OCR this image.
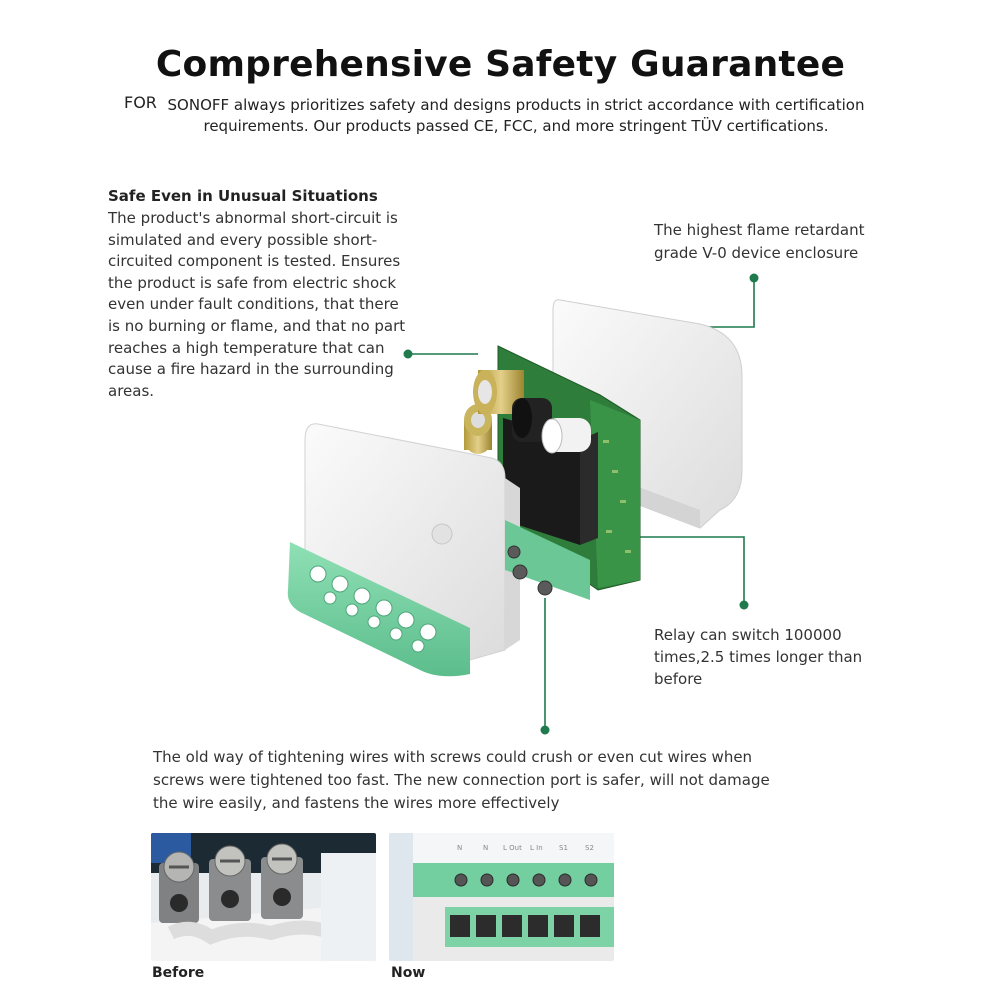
Comprehensive Safety Guarantee
FOR SONOFF always prioritizes safety and designs products in strict accordance with certification requirements. Our products passed CE, FCC, and more stringent TÜV certifications.
Safe Even in Unusual Situations
The product's abnormal short-circuit is simulated and every possible short-circuited component is tested. Ensures the product is safe from electric shock even under fault conditions, that there is no burning or flame, and that no part reaches a high temperature that can cause a fire hazard in the surrounding areas.
The highest flame retardant grade V-0 device enclosure
Relay can switch 100000 times,2.5 times longer than before
The old way of tightening wires with screws could crush or even cut wires when screws were tightened too fast. The new connection port is safer, will not damage the wire easily, and fastens the wires more effectively
Before
N	N L Out L In S1 S2
Now
